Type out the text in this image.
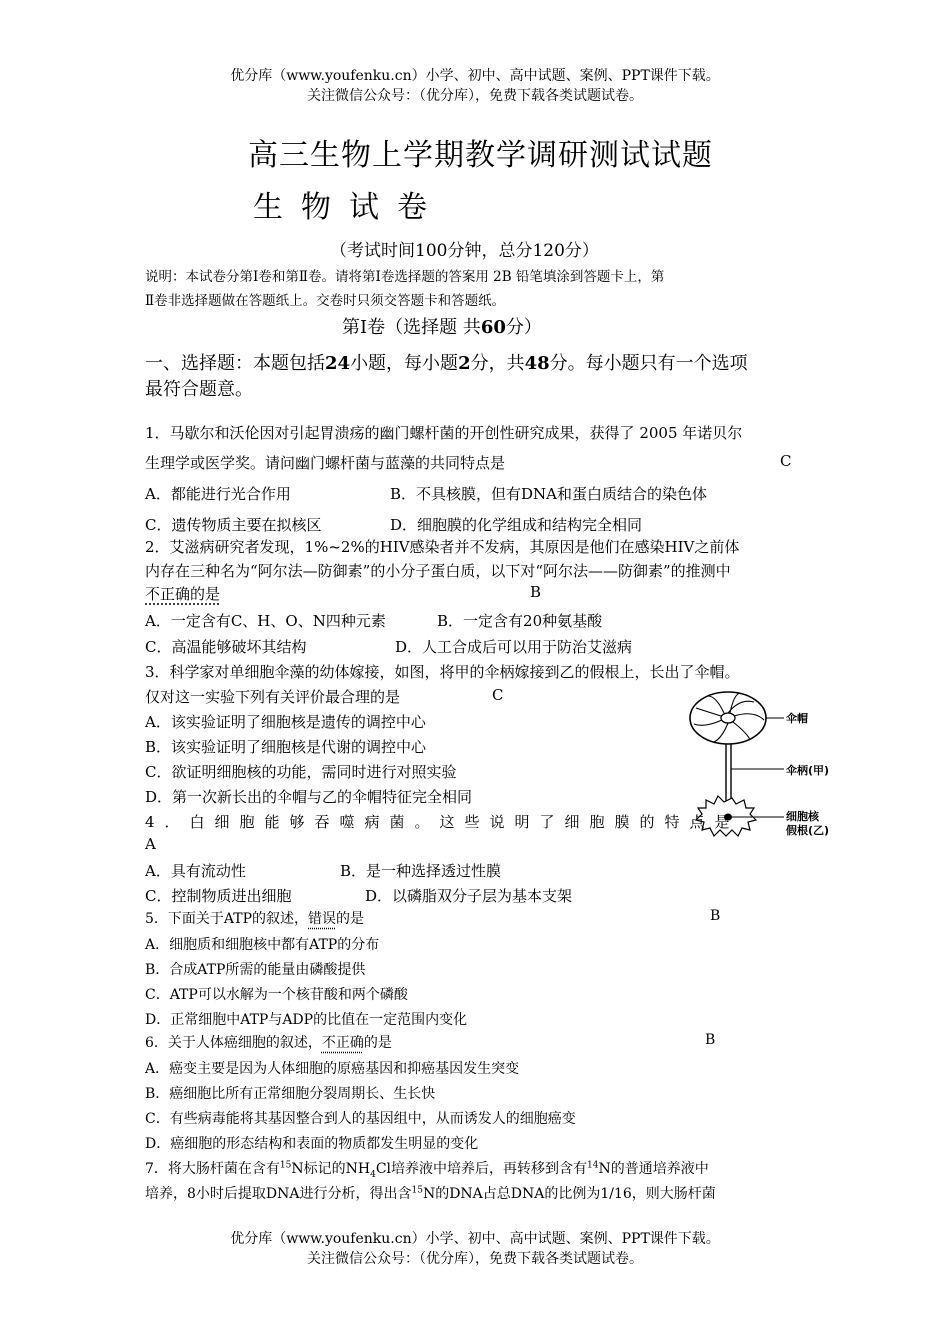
优分库（www.youfenku.cn）小学、初中、高中试题、案例、PPT课件下载。
关注微信公众号：（优分库），免费下载各类试题试卷。
高三生物上学期教学调研测试试题
生物试卷
（考试时间100分钟，总分120分）
说明：本试卷分第Ⅰ卷和第Ⅱ卷。请将第Ⅰ卷选择题的答案用 2B 铅笔填涂到答题卡上，第
Ⅱ卷非选择题做在答题纸上。交卷时只须交答题卡和答题纸。
第Ⅰ卷（选择题 共60分）
一、选择题：本题包括24小题，每小题2分，共48分。每小题只有一个选项
最符合题意。
1．马歇尔和沃伦因对引起胃溃疡的幽门螺杆菌的开创性研究成果，获得了 2005 年诺贝尔
生理学或医学奖。请问幽门螺杆菌与蓝藻的共同特点是	C
A．都能进行光合作用	B．不具核膜，但有DNA和蛋白质结合的染色体
C．遗传物质主要在拟核区	D．细胞膜的化学组成和结构完全相同
2．艾滋病研究者发现，1%~2%的HIV感染者并不发病，其原因是他们在感染HIV之前体
内存在三种名为“阿尔法—防御素”的小分子蛋白质，以下对“阿尔法——防御素”的推测中
不正确的是	B
A．一定含有C、H、O、N四种元素	B．一定含有20种氨基酸
C．高温能够破坏其结构	D．人工合成后可以用于防治艾滋病
3．科学家对单细胞伞藻的幼体嫁接，如图，将甲的伞柄嫁接到乙的假根上，长出了伞帽。
仅对这一实验下列有关评价最合理的是	C
A．该实验证明了细胞核是遗传的调控中心
B．该实验证明了细胞核是代谢的调控中心
C．欲证明细胞核的功能，需同时进行对照实验
D．第一次新长出的伞帽与乙的伞帽特征完全相同
伞帽
伞柄(甲)
细胞核
假根(乙)
4．白细胞能够吞噬病菌。这些说明了细胞膜的特点是
A
A．具有流动性	B．是一种选择透过性膜
C．控制物质进出细胞	D．以磷脂双分子层为基本支架
5．下面关于ATP的叙述，错误的是	B
A．细胞质和细胞核中都有ATP的分布
B．合成ATP所需的能量由磷酸提供
C．ATP可以水解为一个核苷酸和两个磷酸
D．正常细胞中ATP与ADP的比值在一定范围内变化
6．关于人体癌细胞的叙述，不正确的是	B
A．癌变主要是因为人体细胞的原癌基因和抑癌基因发生突变
B．癌细胞比所有正常细胞分裂周期长、生长快
C．有些病毒能将其基因整合到人的基因组中，从而诱发人的细胞癌变
D．癌细胞的形态结构和表面的物质都发生明显的变化
7．将大肠杆菌在含有$^{15}$N标记的$NH_4Cl$培养液中培养后，再转移到含有$^{14}$N的普通培养液中
培养，8小时后提取DNA进行分析，得出含$^{15}$N的DNA占总DNA的比例为1/16，则大肠杆菌
优分库（www.youfenku.cn）小学、初中、高中试题、案例、PPT课件下载。
关注微信公众号：（优分库），免费下载各类试题试卷。
